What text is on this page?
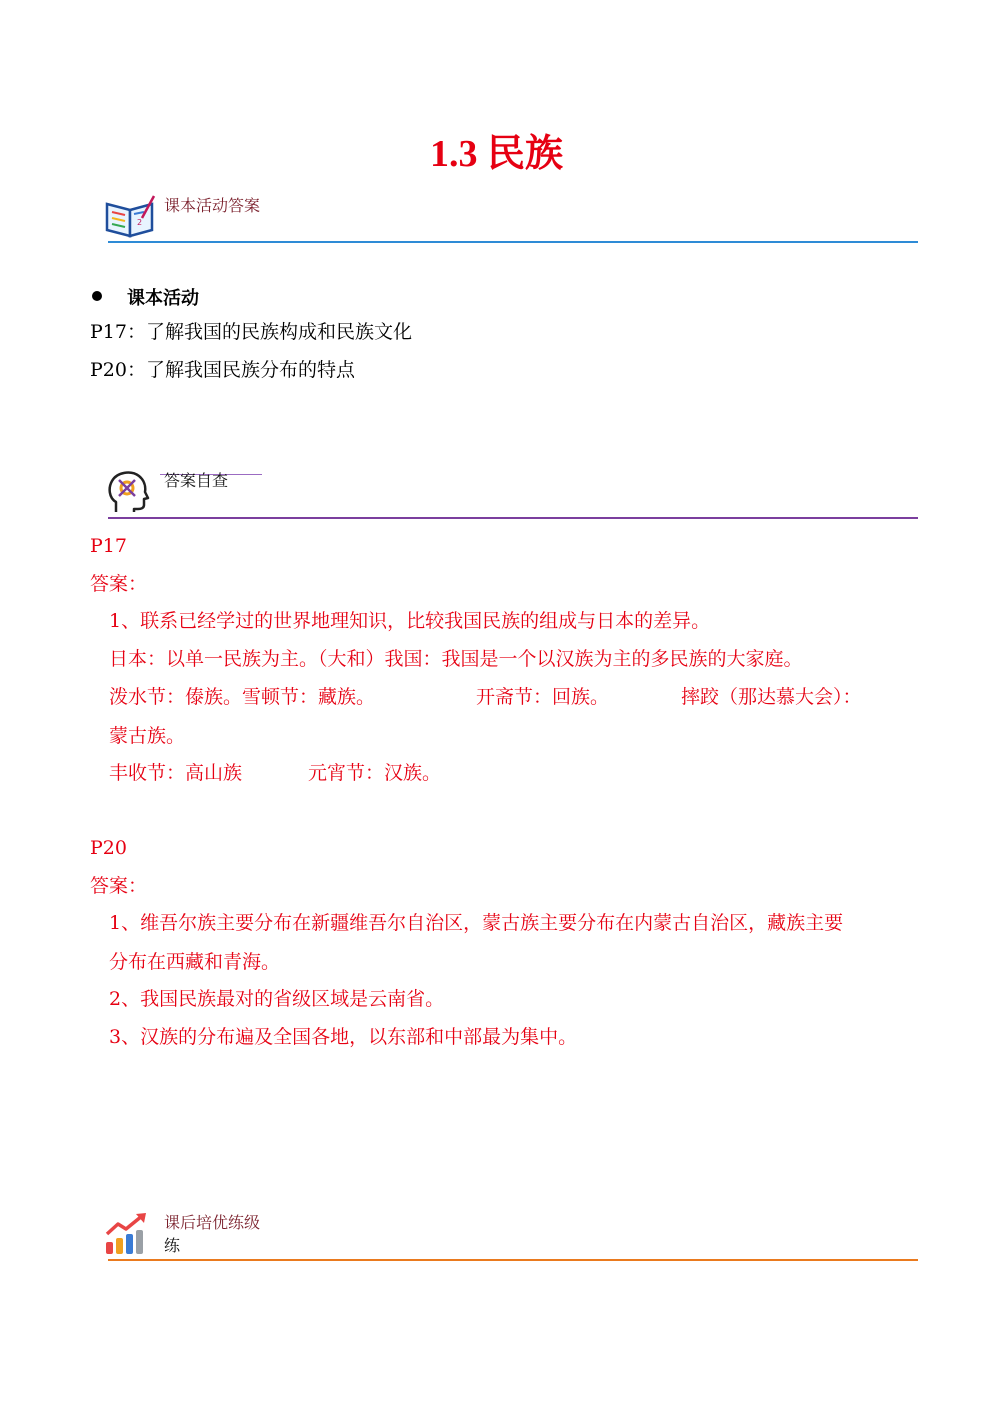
1.3 民族
2
课本活动答案
课本活动
P17：了解我国的民族构成和民族文化
P20：了解我国民族分布的特点
答案自查
P17
答案：
1、联系已经学过的世界地理知识，比较我国民族的组成与日本的差异。
日本：以单一民族为主。（大和）我国：我国是一个以汉族为主的多民族的大家庭。
泼水节：傣族。雪顿节：藏族。	开斋节：回族。	摔跤（那达慕大会）：
蒙古族。
丰收节：高山族	元宵节：汉族。
P20
答案：
1、维吾尔族主要分布在新疆维吾尔自治区，蒙古族主要分布在内蒙古自治区，藏族主要
分布在西藏和青海。
2、我国民族最对的省级区域是云南省。
3、汉族的分布遍及全国各地，以东部和中部最为集中。
课后培优练级
练
